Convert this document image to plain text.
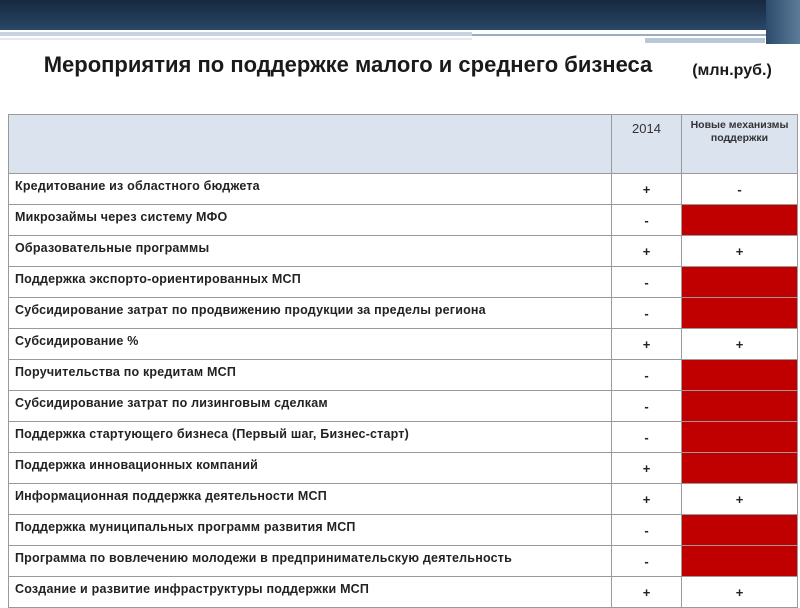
Мероприятия по поддержке малого и среднего бизнеса	(млн.руб.)
	2014	Новые механизмы поддержки
Кредитование из областного бюджета	+	-
Микрозаймы через систему МФО	-	
Образовательные программы	+	+
Поддержка экспорто-ориентированных МСП	-	
Субсидирование затрат по продвижению продукции за пределы региона	-	
Субсидирование %	+	+
Поручительства по кредитам МСП	-	
Субсидирование затрат по лизинговым сделкам	-	
Поддержка стартующего бизнеса (Первый шаг, Бизнес-старт)	-	
Поддержка инновационных компаний	+	
Информационная поддержка деятельности МСП	+	+
Поддержка муниципальных программ развития МСП	-	
Программа по вовлечению молодежи в предпринимательскую деятельность	-	
Создание и развитие инфраструктуры поддержки МСП	+	+
